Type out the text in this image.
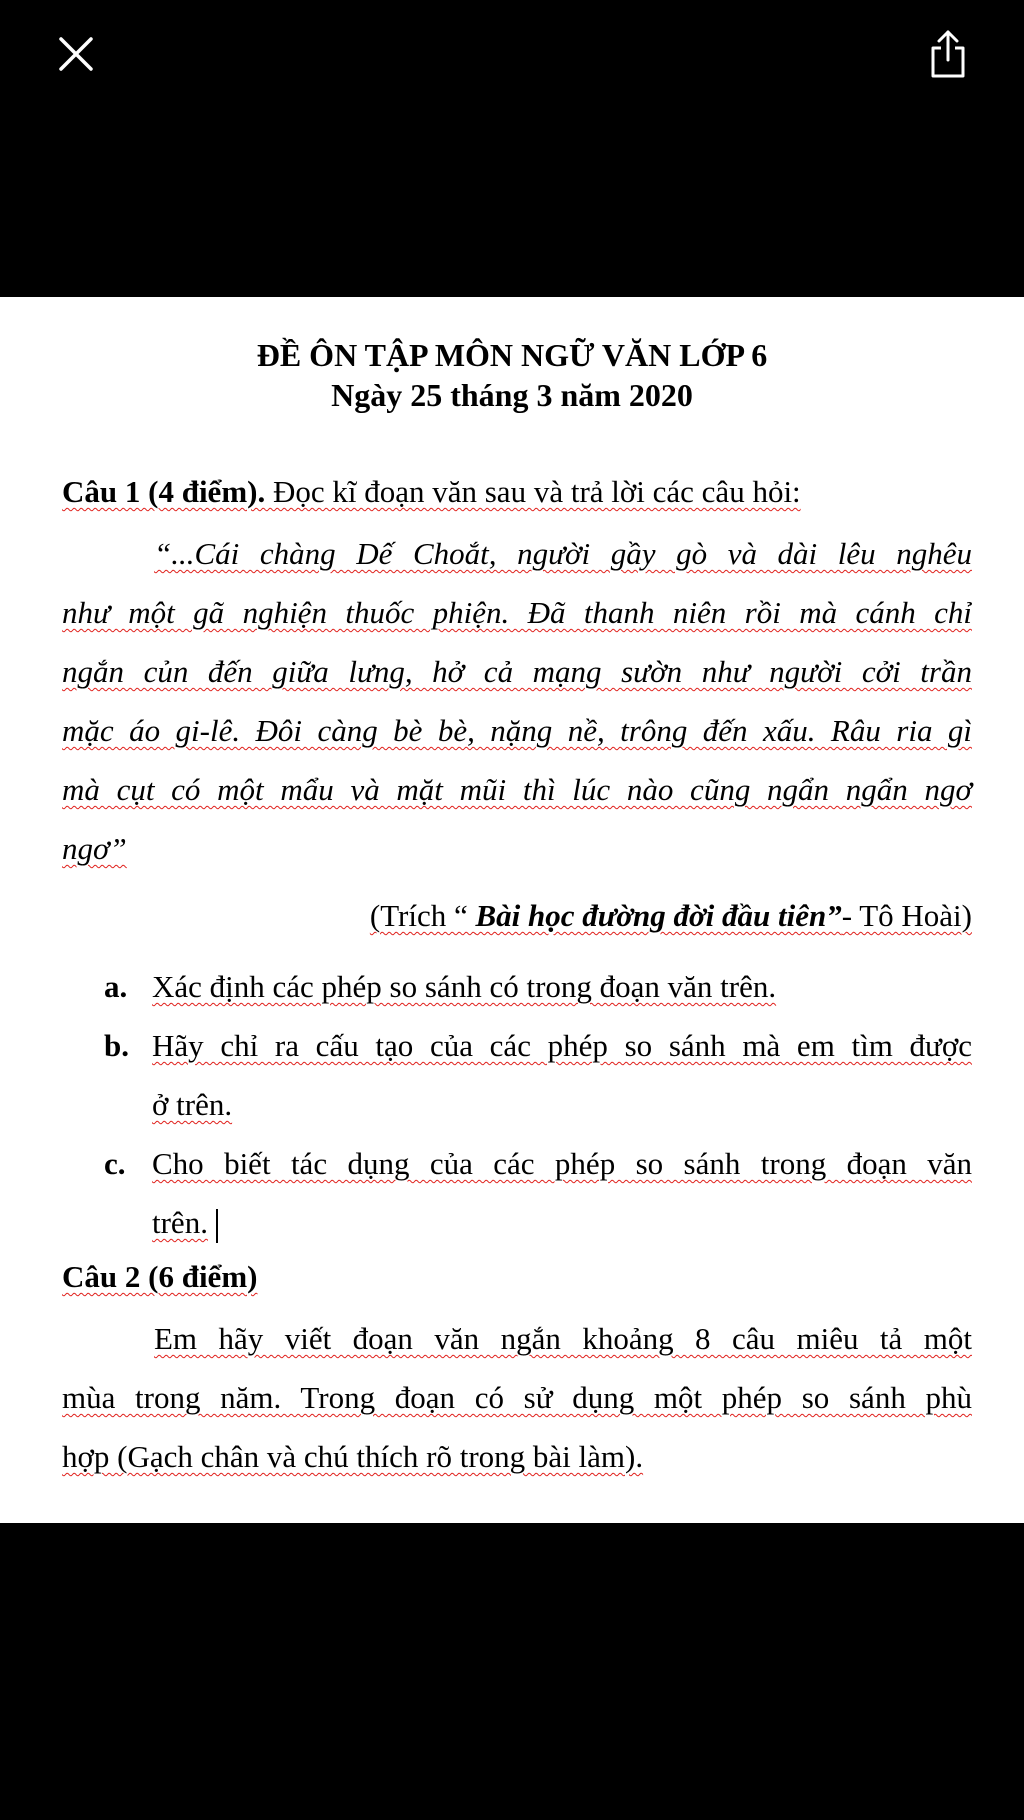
ĐỀ ÔN TẬP MÔN NGỮ VĂN LỚP 6
Ngày 25 tháng 3 năm 2020
Câu 1 (4 điểm). Đọc kĩ đoạn văn sau và trả lời các câu hỏi:
“...Cái chàng Dế Choắt, người gầy gò và dài lêu nghêu
như một gã nghiện thuốc phiện. Đã thanh niên rồi mà cánh chỉ
ngắn củn đến giữa lưng, hở cả mạng sườn như người cởi trần
mặc áo gi-lê. Đôi càng bè bè, nặng nề, trông đến xấu. Râu ria gì
mà cụt có một mẩu và mặt mũi thì lúc nào cũng ngẩn ngẩn ngơ
ngơ”
(Trích “ Bài học đường đời đầu tiên”- Tô Hoài)
a. Xác định các phép so sánh có trong đoạn văn trên.
b. Hãy chỉ ra cấu tạo của các phép so sánh mà em tìm được
ở trên.
c. Cho biết tác dụng của các phép so sánh trong đoạn văn
trên.
Câu 2 (6 điểm)
Em hãy viết đoạn văn ngắn khoảng 8 câu miêu tả một
mùa trong năm. Trong đoạn có sử dụng một phép so sánh phù
hợp (Gạch chân và chú thích rõ trong bài làm).
